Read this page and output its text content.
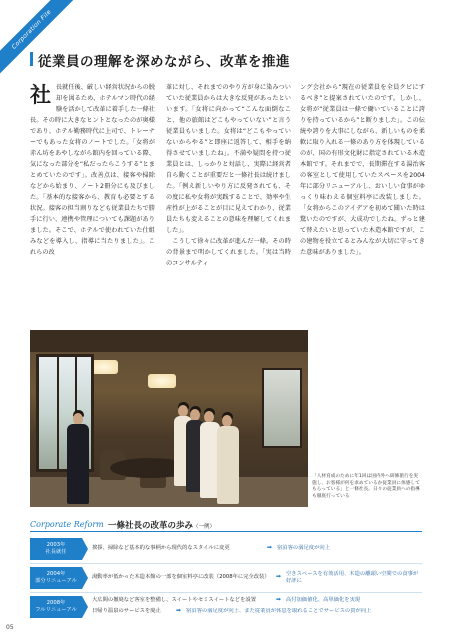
Corporation File
従業員の理解を深めながら、改革を推進
社長就任後、厳しい経営状況からの脱却を図るため、ホテルマン時代の経験を活かして改革に着手した一條社長。その時に大きなヒントとなったのが奥様であり、ホテル勤務時代に上司で、トレーナーでもあった女将のノートでした。「女将が赤ん坊をあやしながら館内を回っている際、気になった部分を“私だったらこうする”とまとめていたのです」。改善点は、接客や掃除などから始まり、ノート2冊分にも及びました。「基本的な接客から、教育も必要とする状況。接客の担当割りなども従業員たちで勝手に行い、連携や管理についても課題がありました。そこで、ホテルで使われていた仕組みなどを導入し、指導に当たりました」。これらの改
革に対し、それまでのやり方が身に染みついていた従業員からは大きな反発があったといいます。「女将に向かって“こんな面倒なこと、他の旅館はどこもやっていない”と言う従業員もいました。女将は“どこもやっていないからやる”と即座に返答して、相手を納得させていましたね」。不満や疑問を持つ従業員とは、しっかりと対話し、実際に経営者自ら動くことが重要だと一條社長は続けました。「例え新しいやり方に反発されても、その度に私や女将が実践することで、効率や生産性が上がることが目に見えてわかり、従業員たちも変えることの意味を理解してくれました」。
　こうして徐々に改革が進んだ一條。その時の背景まで明かしてくれました。「実は当時のコンサルティ
ング会社から“現在の従業員を全員クビにするべき”と提案されていたのです。しかし、女将が“従業員は一條で働いていることに誇りを持っているから”と断りました」。この伝統や誇りを大事にしながら、新しいものを柔軟に取り入れる一條のあり方を体現しているのが、国の有形文化財に指定されている木造本館です。それまでで、長期滞在する湯治客の客室として使用していたスペースを2004年に部分リニューアルし、おいしい食事がゆっくり味わえる個室料亭に改装しました。「女将からこのアイデアを初めて聞いた時は驚いたのですが、大成功でしたね。ずっと建て替えたいと思っていた木造本館ですが、この建物を役立てるとみんなが大切に守ってきた意味がありました」。
「人材育成のために年1回は国内外へ研修旅行を実施し、お客様が何を求めているか従業員に体感してもらっている」と一條社長。日々の従業員への指導も徹底行っている
Corporate Reform 一條社長の改革の歩み（一例）
2003年
社長就任
挨拶、掃除など基本的な事柄から現代的なスタイルに変更	➡ 宿泊客の満足度が向上
2004年
部分リニューアル
湯動率が低かった木造本館の一部を個室料亭に改装（2008年に完全改装） ➡ 空きスペースを有効活用、木造の離頭い空間での食事が好評に
2008年
フルリニューアル
大広間の撤廃など客室を整備し、スイートやセミスイートなどを設置	➡ 高付加価値化、高単価化を実現
日帰り温泉のサービスを廃止	➡ 宿泊客の満足度が向上、また従業員が休息を取れることでサービスの質が向上
05
